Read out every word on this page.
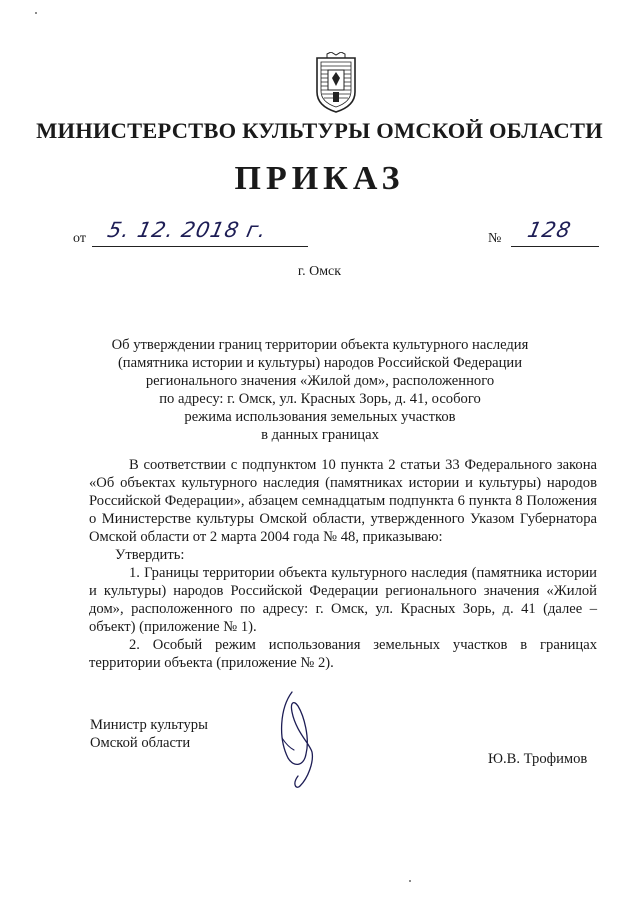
МИНИСТЕРСТВО КУЛЬТУРЫ ОМСКОЙ ОБЛАСТИ
ПРИКАЗ
от 5. 12. 2018 г.	№ 128
г. Омск
Об утверждении границ территории объекта культурного наследия
(памятника истории и культуры) народов Российской Федерации
регионального значения «Жилой дом», расположенного
по адресу: г. Омск, ул. Красных Зорь, д. 41, особого
режима использования земельных участков
в данных границах

В соответствии с подпунктом 10 пункта 2 статьи 33 Федерального закона «Об объектах культурного наследия (памятниках истории и культуры) народов Российской Федерации», абзацем семнадцатым подпункта 6 пункта 8 Положения о Министерстве культуры Омской области, утвержденного Указом Губернатора Омской области от 2 марта 2004 года № 48, приказываю:

Утвердить:

1. Границы территории объекта культурного наследия (памятника истории и культуры) народов Российской Федерации регионального значения «Жилой дом», расположенного по адресу: г. Омск, ул. Красных Зорь, д. 41 (далее – объект) (приложение № 1).

2. Особый режим использования земельных участков в границах территории объекта (приложение № 2).

Министр культуры
Омской области
Ю.В. Трофимов
